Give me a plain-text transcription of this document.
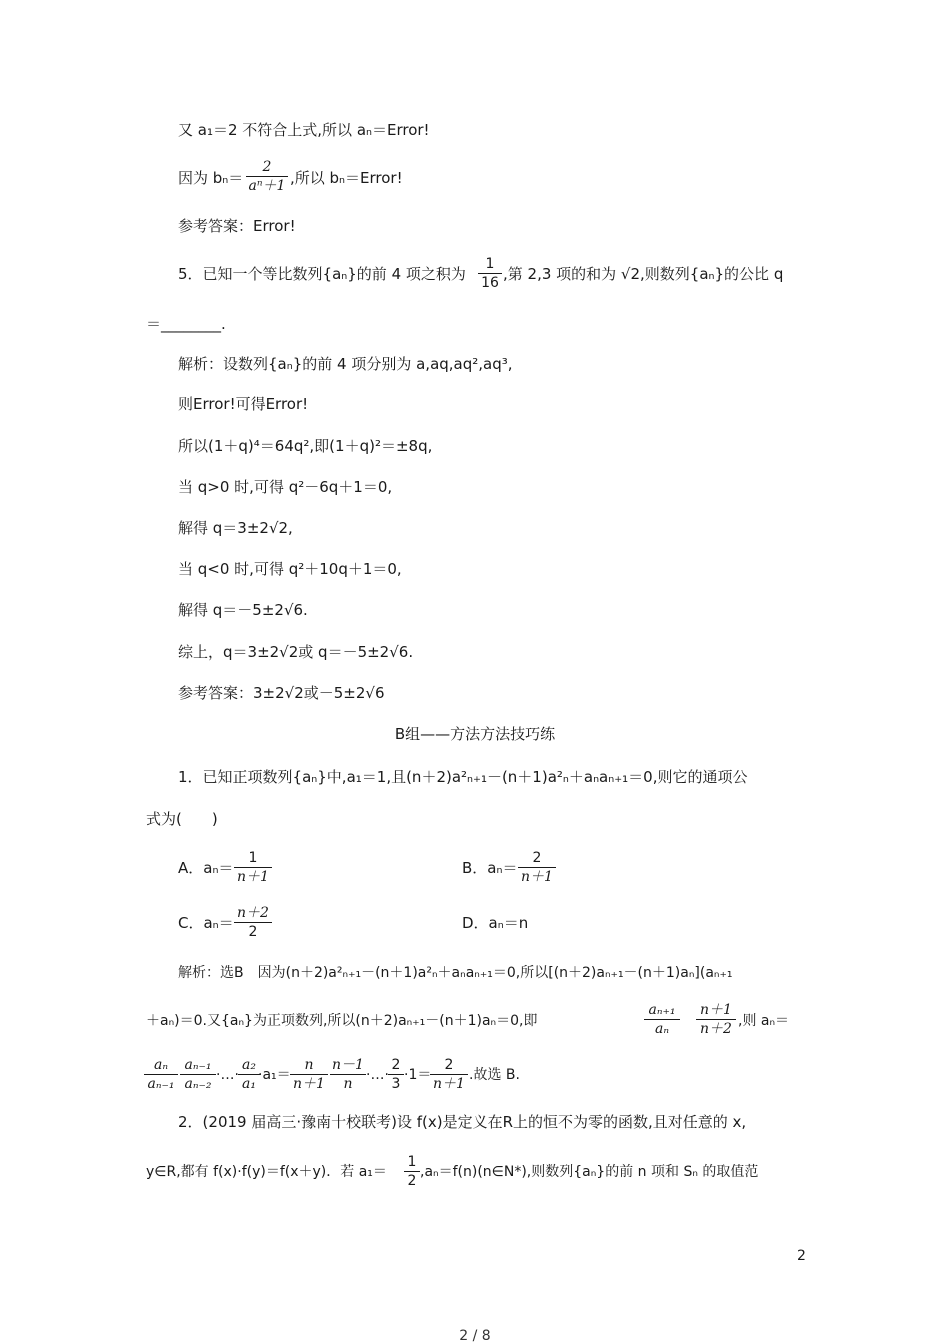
又 a₁＝2 不符合上式,所以 aₙ＝Error!
因为 $b_n= \frac{2}{\text{aⁿ＋1}}$ ,所以 bₙ＝Error!
参考答案：Error!
5．已知一个等比数列{aₙ}的前 4 项之积为 $\frac{1}{16}$ ,第 2,3 项的和为 √2,则数列{aₙ}的公比 q
＝________.
解析：设数列{aₙ}的前 4 项分别为 a,aq,aq²,aq³,
则Error!可得Error!
所以(1＋q)⁴＝64q²,即(1＋q)²＝±8q,
当 q>0 时,可得 q²－6q＋1＝0,
解得 q＝3±2√2,
当 q<0 时,可得 q²＋10q＋1＝0,
解得 q＝－5±2√6.
综上，q＝3±2√2或 q＝－5±2√6.
参考答案：3±2√2或－5±2√6
B组——方法方法技巧练
1．已知正项数列{aₙ}中,a₁＝1,且(n＋2)a²ₙ₊₁－(n＋1)a²ₙ＋aₙaₙ₊₁＝0,则它的通项公
式为(　　)
A．$a_n= \frac{1}{n+1}$	B．$a_n= \frac{2}{n+1}$
C．$a_n= \frac{n+2}{2}$	D．aₙ＝n
解析：选B　因为(n＋2)a²ₙ₊₁－(n＋1)a²ₙ＋aₙaₙ₊₁＝0,所以[(n＋2)aₙ₊₁－(n＋1)aₙ](aₙ₊₁
＋aₙ)＝0.又{aₙ}为正项数列,所以(n＋2)aₙ₊₁－(n＋1)aₙ＝0,即	$\frac{\text{aₙ₊₁}}{\text{aₙ}} \frac{n+1}{n+2}$ ,则 aₙ＝
$\frac{\text{aₙ}}{\text{aₙ₋₁}} \frac{\text{aₙ₋₁}}{\text{aₙ₋₂}}$ ·…· $\frac{\text{a₂}}{\text{a₁}}$
$\cdot a_1= \frac{n}{n+1} \frac{n-1}{n}$ ·…· $\frac{2}{3} \cdot 1=$
$\frac{2}{n+1}$ .故选 B.
2．(2019 届高三·豫南十校联考)设 f(x)是定义在R上的恒不为零的函数,且对任意的 x,
y∈R,都有 f(x)·f(y)＝f(x＋y)．若 $a_1= \frac{1}{2}$ ,aₙ＝f(n)(n∈N*),则数列{aₙ}的前 n 项和 Sₙ 的取值范
2
2 / 8
